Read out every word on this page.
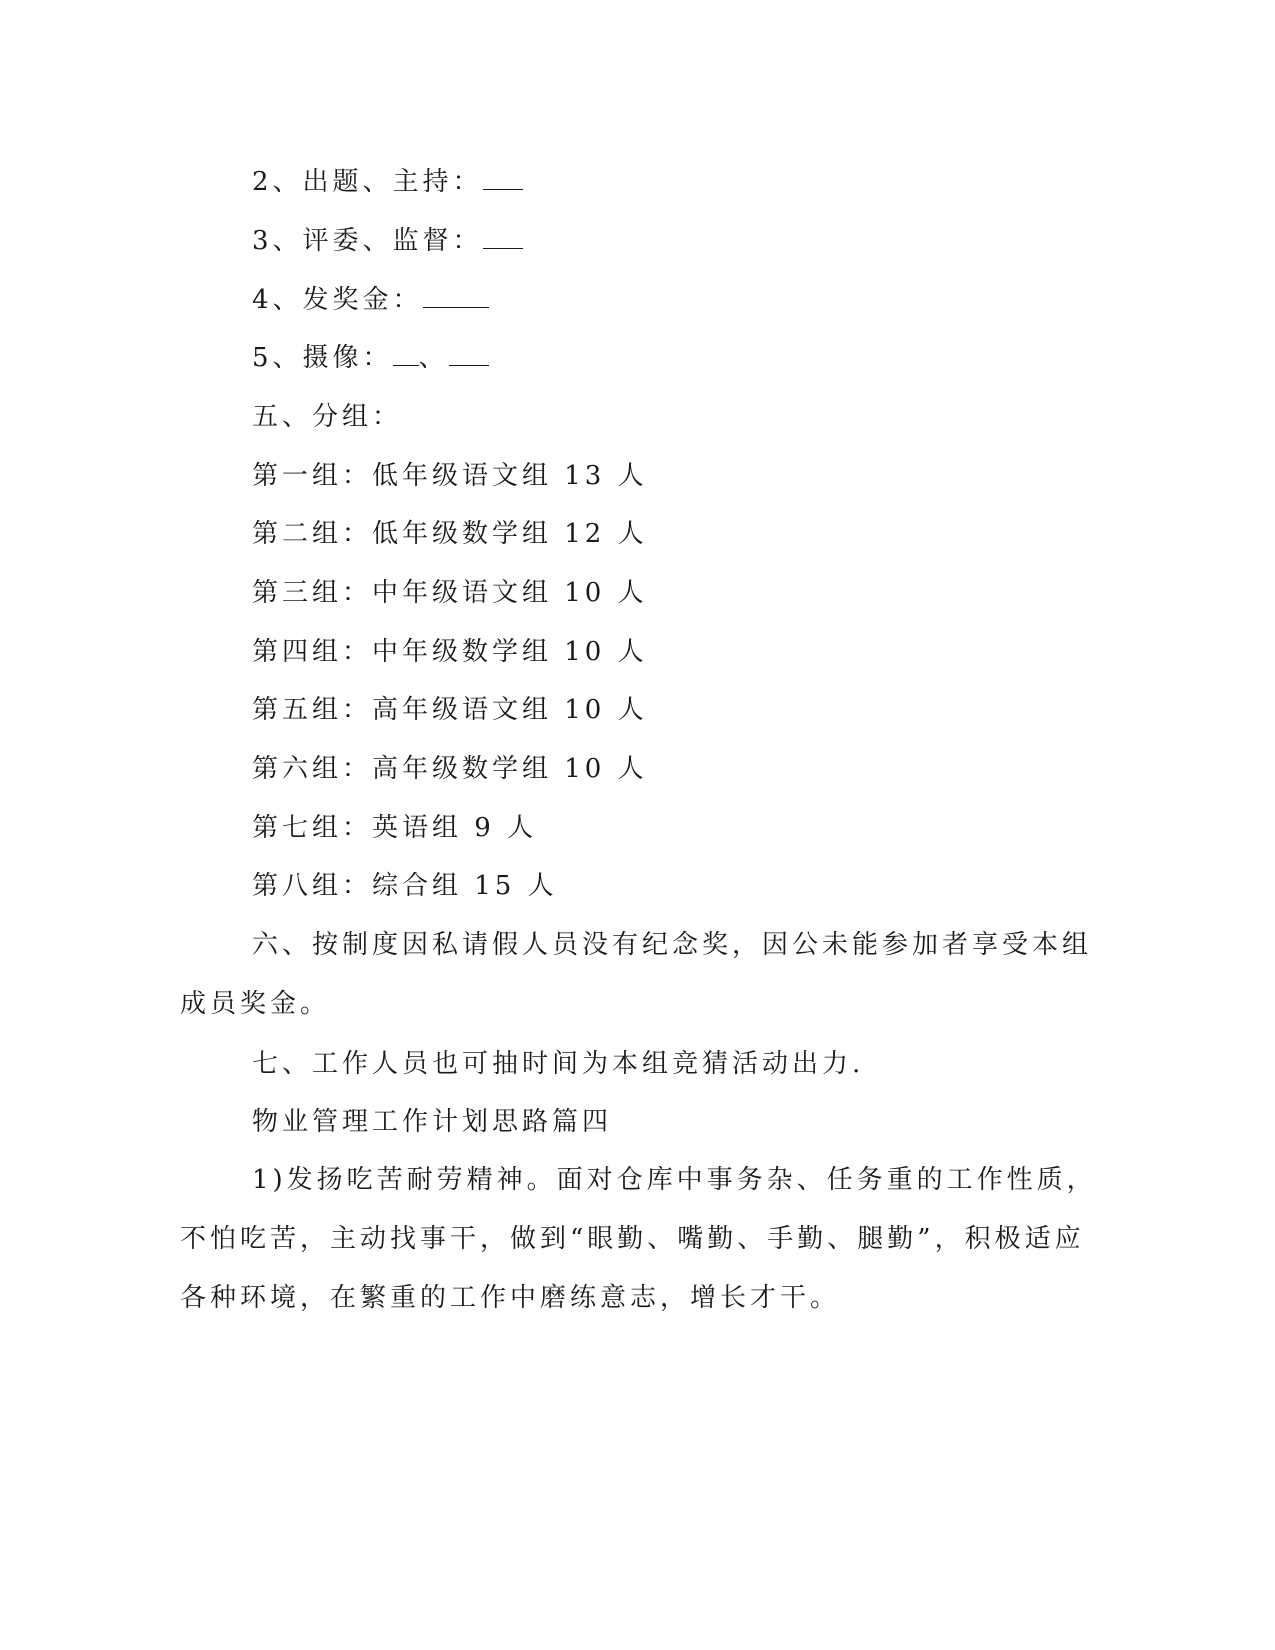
2、出题、主持：
3、评委、监督：
4、发奖金：
5、摄像： 、
五、分组：
第一组：低年级语文组 13 人
第二组：低年级数学组 12 人
第三组：中年级语文组 10 人
第四组：中年级数学组 10 人
第五组：高年级语文组 10 人
第六组：高年级数学组 10 人
第七组：英语组 9 人
第八组：综合组 15 人
六、按制度因私请假人员没有纪念奖，因公未能参加者享受本组
成员奖金。
七、工作人员也可抽时间为本组竞猜活动出力.
物业管理工作计划思路篇四
1)发扬吃苦耐劳精神。面对仓库中事务杂、任务重的工作性质，
不怕吃苦，主动找事干，做到“眼勤、嘴勤、手勤、腿勤”，积极适应
各种环境，在繁重的工作中磨练意志，增长才干。
